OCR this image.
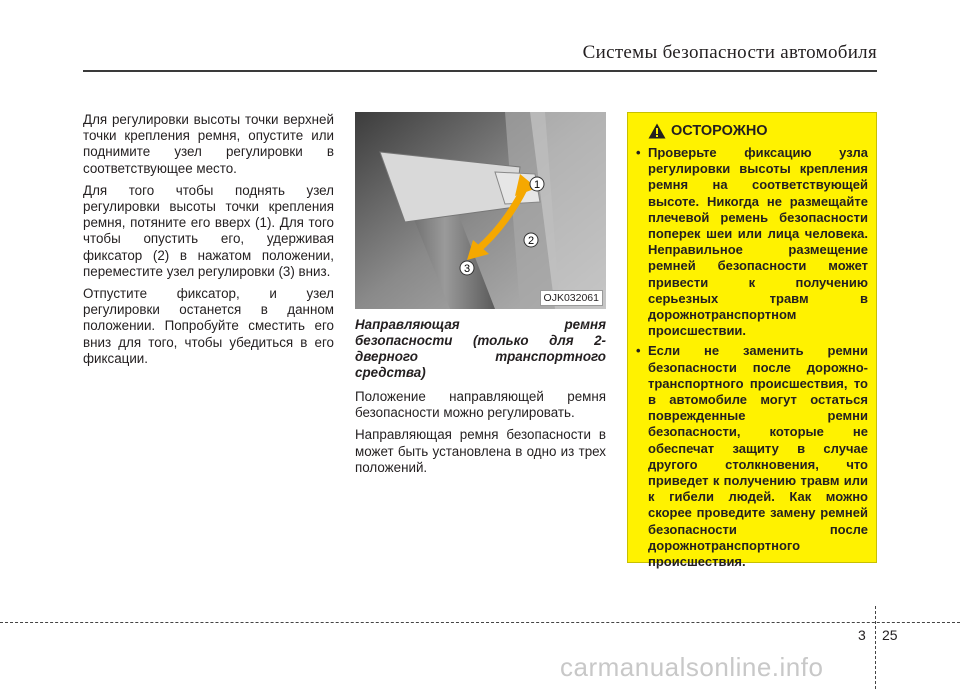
Системы безопасности автомобиля

Для регулировки высоты точки верхней точки крепления ремня, опустите или поднимите узел регулировки в соответствующее место.

Для того чтобы поднять узел регулировки высоты точки крепления ремня, потяните его вверх (1). Для того чтобы опустить его, удерживая фиксатор (2) в нажатом положении, переместите узел регулировки (3) вниз.

Отпустите фиксатор, и узел регулировки останется в данном положении. Попробуйте сместить его вниз для того, чтобы убедиться в его фиксации.

1
2
3
OJK032061

Направляющая ремня безопасности (только для 2-дверного транспортного средства)

Положение направляющей ремня безопасности можно регулировать.

Направляющая ремня безопасности в может быть установлена в одно из трех положений.

ОСТОРОЖНО
• Проверьте фиксацию узла регулировки высоты крепления ремня на соответствующей высоте. Никогда не размещайте плечевой ремень безопасности поперек шеи или лица человека. Неправильное размещение ремней безопасности может привести к получению серьезных травм в дорожнотранспортном происшествии.
• Если не заменить ремни безопасности после дорожно-транспортного происшествия, то в автомобиле могут остаться поврежденные ремни безопасности, которые не обеспечат защиту в случае другого столкновения, что приведет к получению травм или к гибели людей. Как можно скорее проведите замену ремней безопасности после дорожнотранспортного происшествия.
3 25
carmanualsonline.info
